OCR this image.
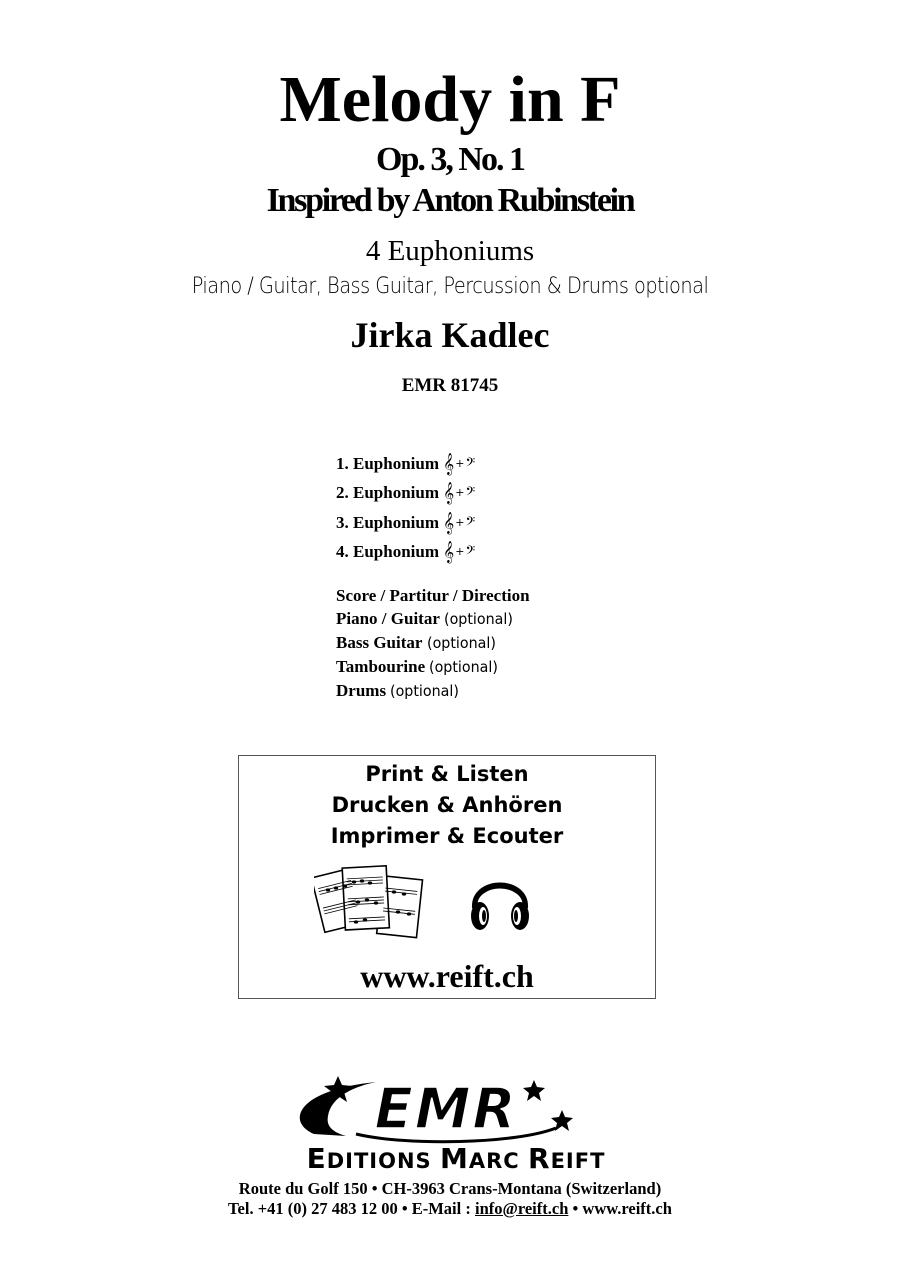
Melody in F
Op. 3, No. 1
Inspired by Anton Rubinstein
4 Euphoniums
Piano / Guitar, Bass Guitar, Percussion & Drums optional
Jirka Kadlec
EMR 81745
1. Euphonium 𝄞 + 𝄢
2. Euphonium 𝄞 + 𝄢
3. Euphonium 𝄞 + 𝄢
4. Euphonium 𝄞 + 𝄢
Score / Partitur / Direction
Piano / Guitar (optional)
Bass Guitar (optional)
Tambourine (optional)
Drums (optional)
Print & Listen
Drucken & Anhören
Imprimer & Ecouter
www.reift.ch
EMR
EDITIONS MARC REIFT
Route du Golf 150 • CH-3963 Crans-Montana (Switzerland)
Tel. +41 (0) 27 483 12 00 • E-Mail : info@reift.ch • www.reift.ch
